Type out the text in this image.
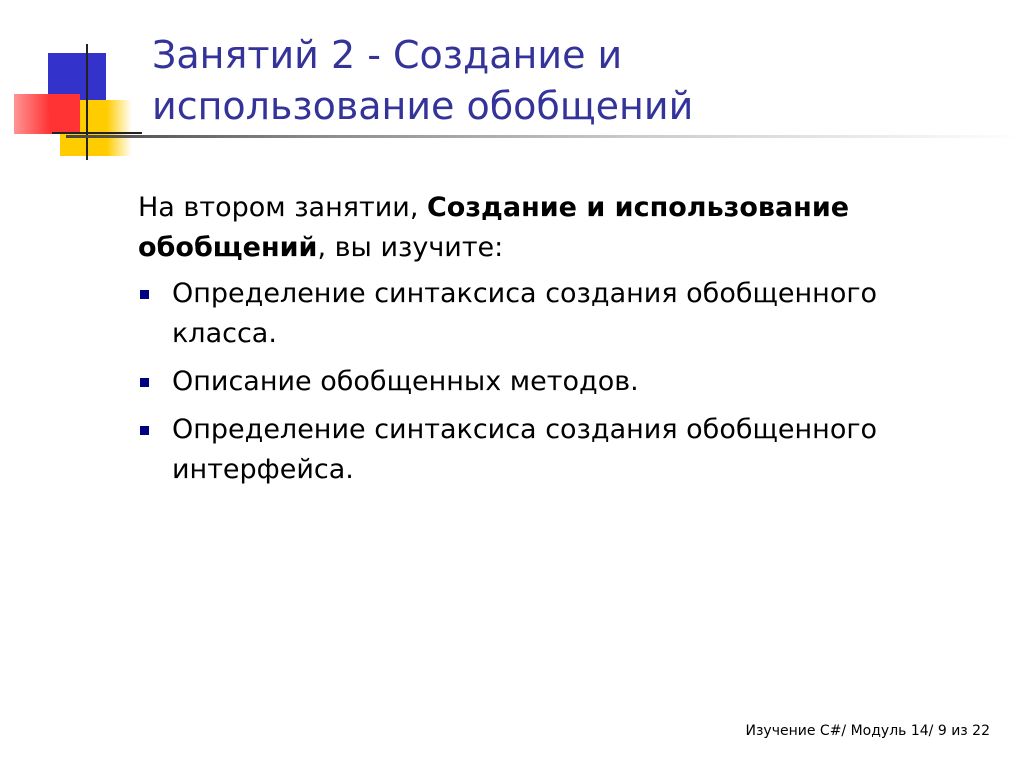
Занятий 2 - Создание и
использование обобщений

На втором занятии, Создание и использование обобщений, вы изучите:

Определение синтаксиса создания обобщенного класса.
Описание обобщенных методов.
Определение синтаксиса создания обобщенного интерфейса.
Изучение C#/ Модуль 14/ 9 из 22
